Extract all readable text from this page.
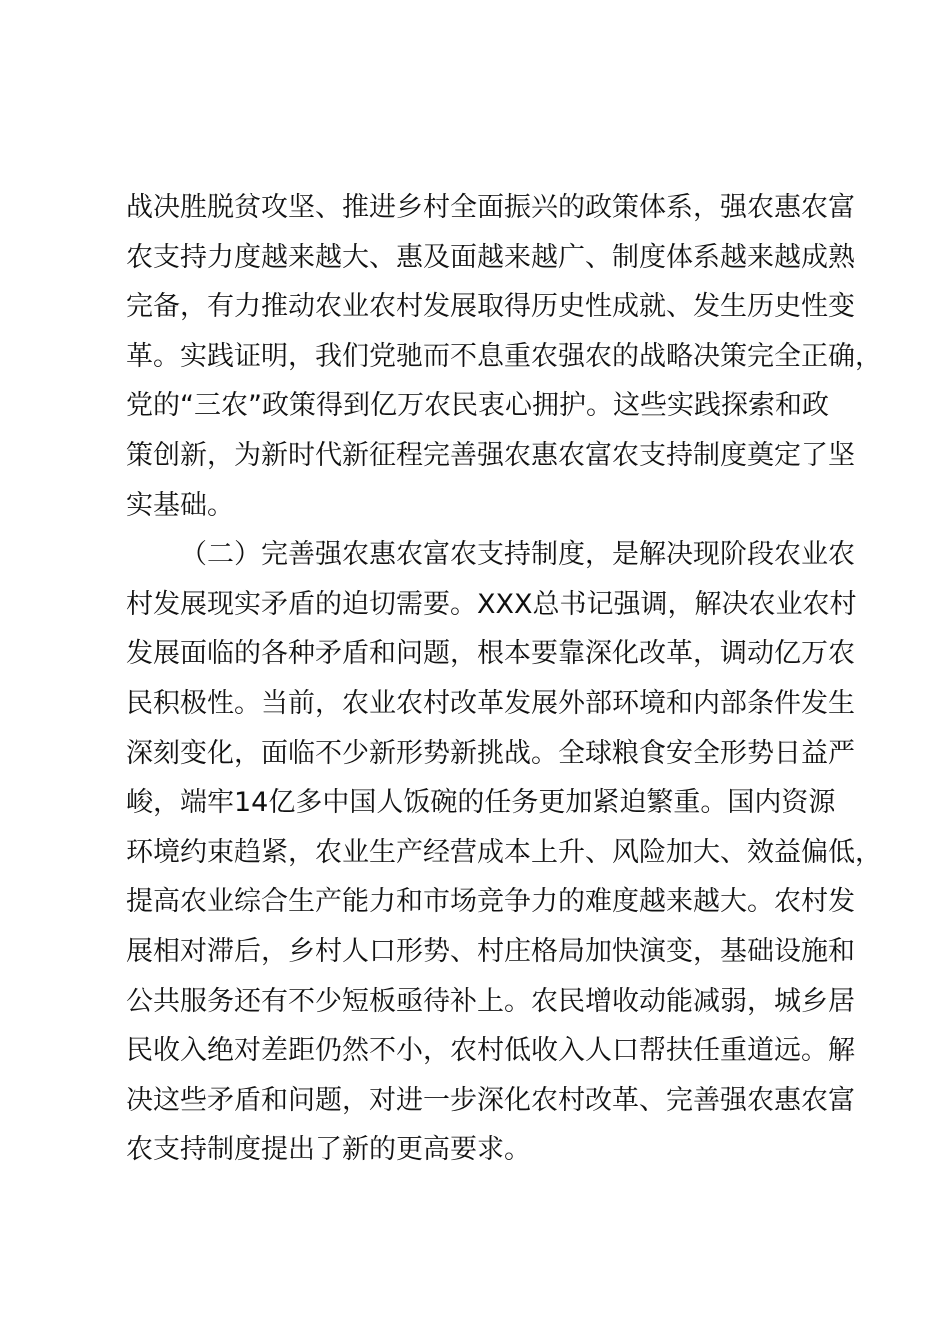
战决胜脱贫攻坚、推进乡村全面振兴的政策体系，强农惠农富
农支持力度越来越大、惠及面越来越广、制度体系越来越成熟
完备，有力推动农业农村发展取得历史性成就、发生历史性变
革。实践证明，我们党驰而不息重农强农的战略决策完全正确，
党的“三农”政策得到亿万农民衷心拥护。这些实践探索和政
策创新，为新时代新征程完善强农惠农富农支持制度奠定了坚
实基础。
（二）完善强农惠农富农支持制度，是解决现阶段农业农
村发展现实矛盾的迫切需要。XXX总书记强调，解决农业农村
发展面临的各种矛盾和问题，根本要靠深化改革，调动亿万农
民积极性。当前，农业农村改革发展外部环境和内部条件发生
深刻变化，面临不少新形势新挑战。全球粮食安全形势日益严
峻，端牢14亿多中国人饭碗的任务更加紧迫繁重。国内资源
环境约束趋紧，农业生产经营成本上升、风险加大、效益偏低，
提高农业综合生产能力和市场竞争力的难度越来越大。农村发
展相对滞后，乡村人口形势、村庄格局加快演变，基础设施和
公共服务还有不少短板亟待补上。农民增收动能减弱，城乡居
民收入绝对差距仍然不小，农村低收入人口帮扶任重道远。解
决这些矛盾和问题，对进一步深化农村改革、完善强农惠农富
农支持制度提出了新的更高要求。
